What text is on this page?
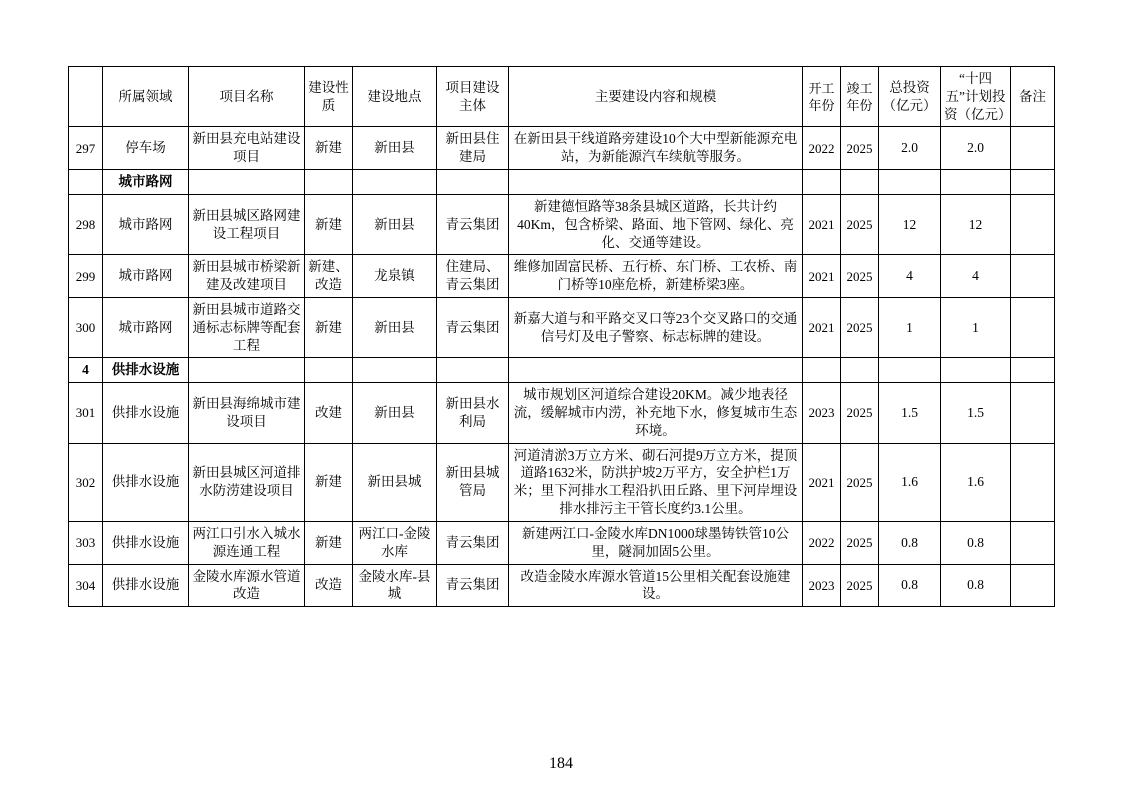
	所属领域	项目名称	建设性质	建设地点	项目建设主体	主要建设内容和规模	开工年份	竣工年份	总投资（亿元）	“十四五”计划投资（亿元）	备注
297	停车场	新田县充电站建设项目	新建	新田县	新田县住建局	在新田县干线道路旁建设10个大中型新能源充电站，为新能源汽车续航等服务。	2022	2025	2.0	2.0	
	城市路网										
298	城市路网	新田县城区路网建设工程项目	新建	新田县	青云集团	新建德恒路等38条县城区道路，长共计约40Km，包含桥梁、路面、地下管网、绿化、亮化、交通等建设。	2021	2025	12	12	
299	城市路网	新田县城市桥梁新建及改建项目	新建、改造	龙泉镇	住建局、青云集团	维修加固富民桥、五行桥、东门桥、工农桥、南门桥等10座危桥，新建桥梁3座。	2021	2025	4	4	
300	城市路网	新田县城市道路交通标志标牌等配套工程	新建	新田县	青云集团	新嘉大道与和平路交叉口等23个交叉路口的交通信号灯及电子警察、标志标牌的建设。	2021	2025	1	1	
4	供排水设施										
301	供排水设施	新田县海绵城市建设项目	改建	新田县	新田县水利局	城市规划区河道综合建设20KM。减少地表径流，缓解城市内涝，补充地下水，修复城市生态环境。	2023	2025	1.5	1.5	
302	供排水设施	新田县城区河道排水防涝建设项目	新建	新田县城	新田县城管局	河道清淤3万立方米、砌石河提9万立方米，提顶道路1632米，防洪护坡2万平方，安全护栏1万米；里下河排水工程沿扒田丘路、里下河岸埋设排水排污主干管长度约3.1公里。	2021	2025	1.6	1.6	
303	供排水设施	两江口引水入城水源连通工程	新建	两江口-金陵水库	青云集团	新建两江口-金陵水库DN1000球墨铸铁管10公里，隧洞加固5公里。	2022	2025	0.8	0.8	
304	供排水设施	金陵水库源水管道改造	改造	金陵水库-县城	青云集团	改造金陵水库源水管道15公里相关配套设施建设。	2023	2025	0.8	0.8	
184
